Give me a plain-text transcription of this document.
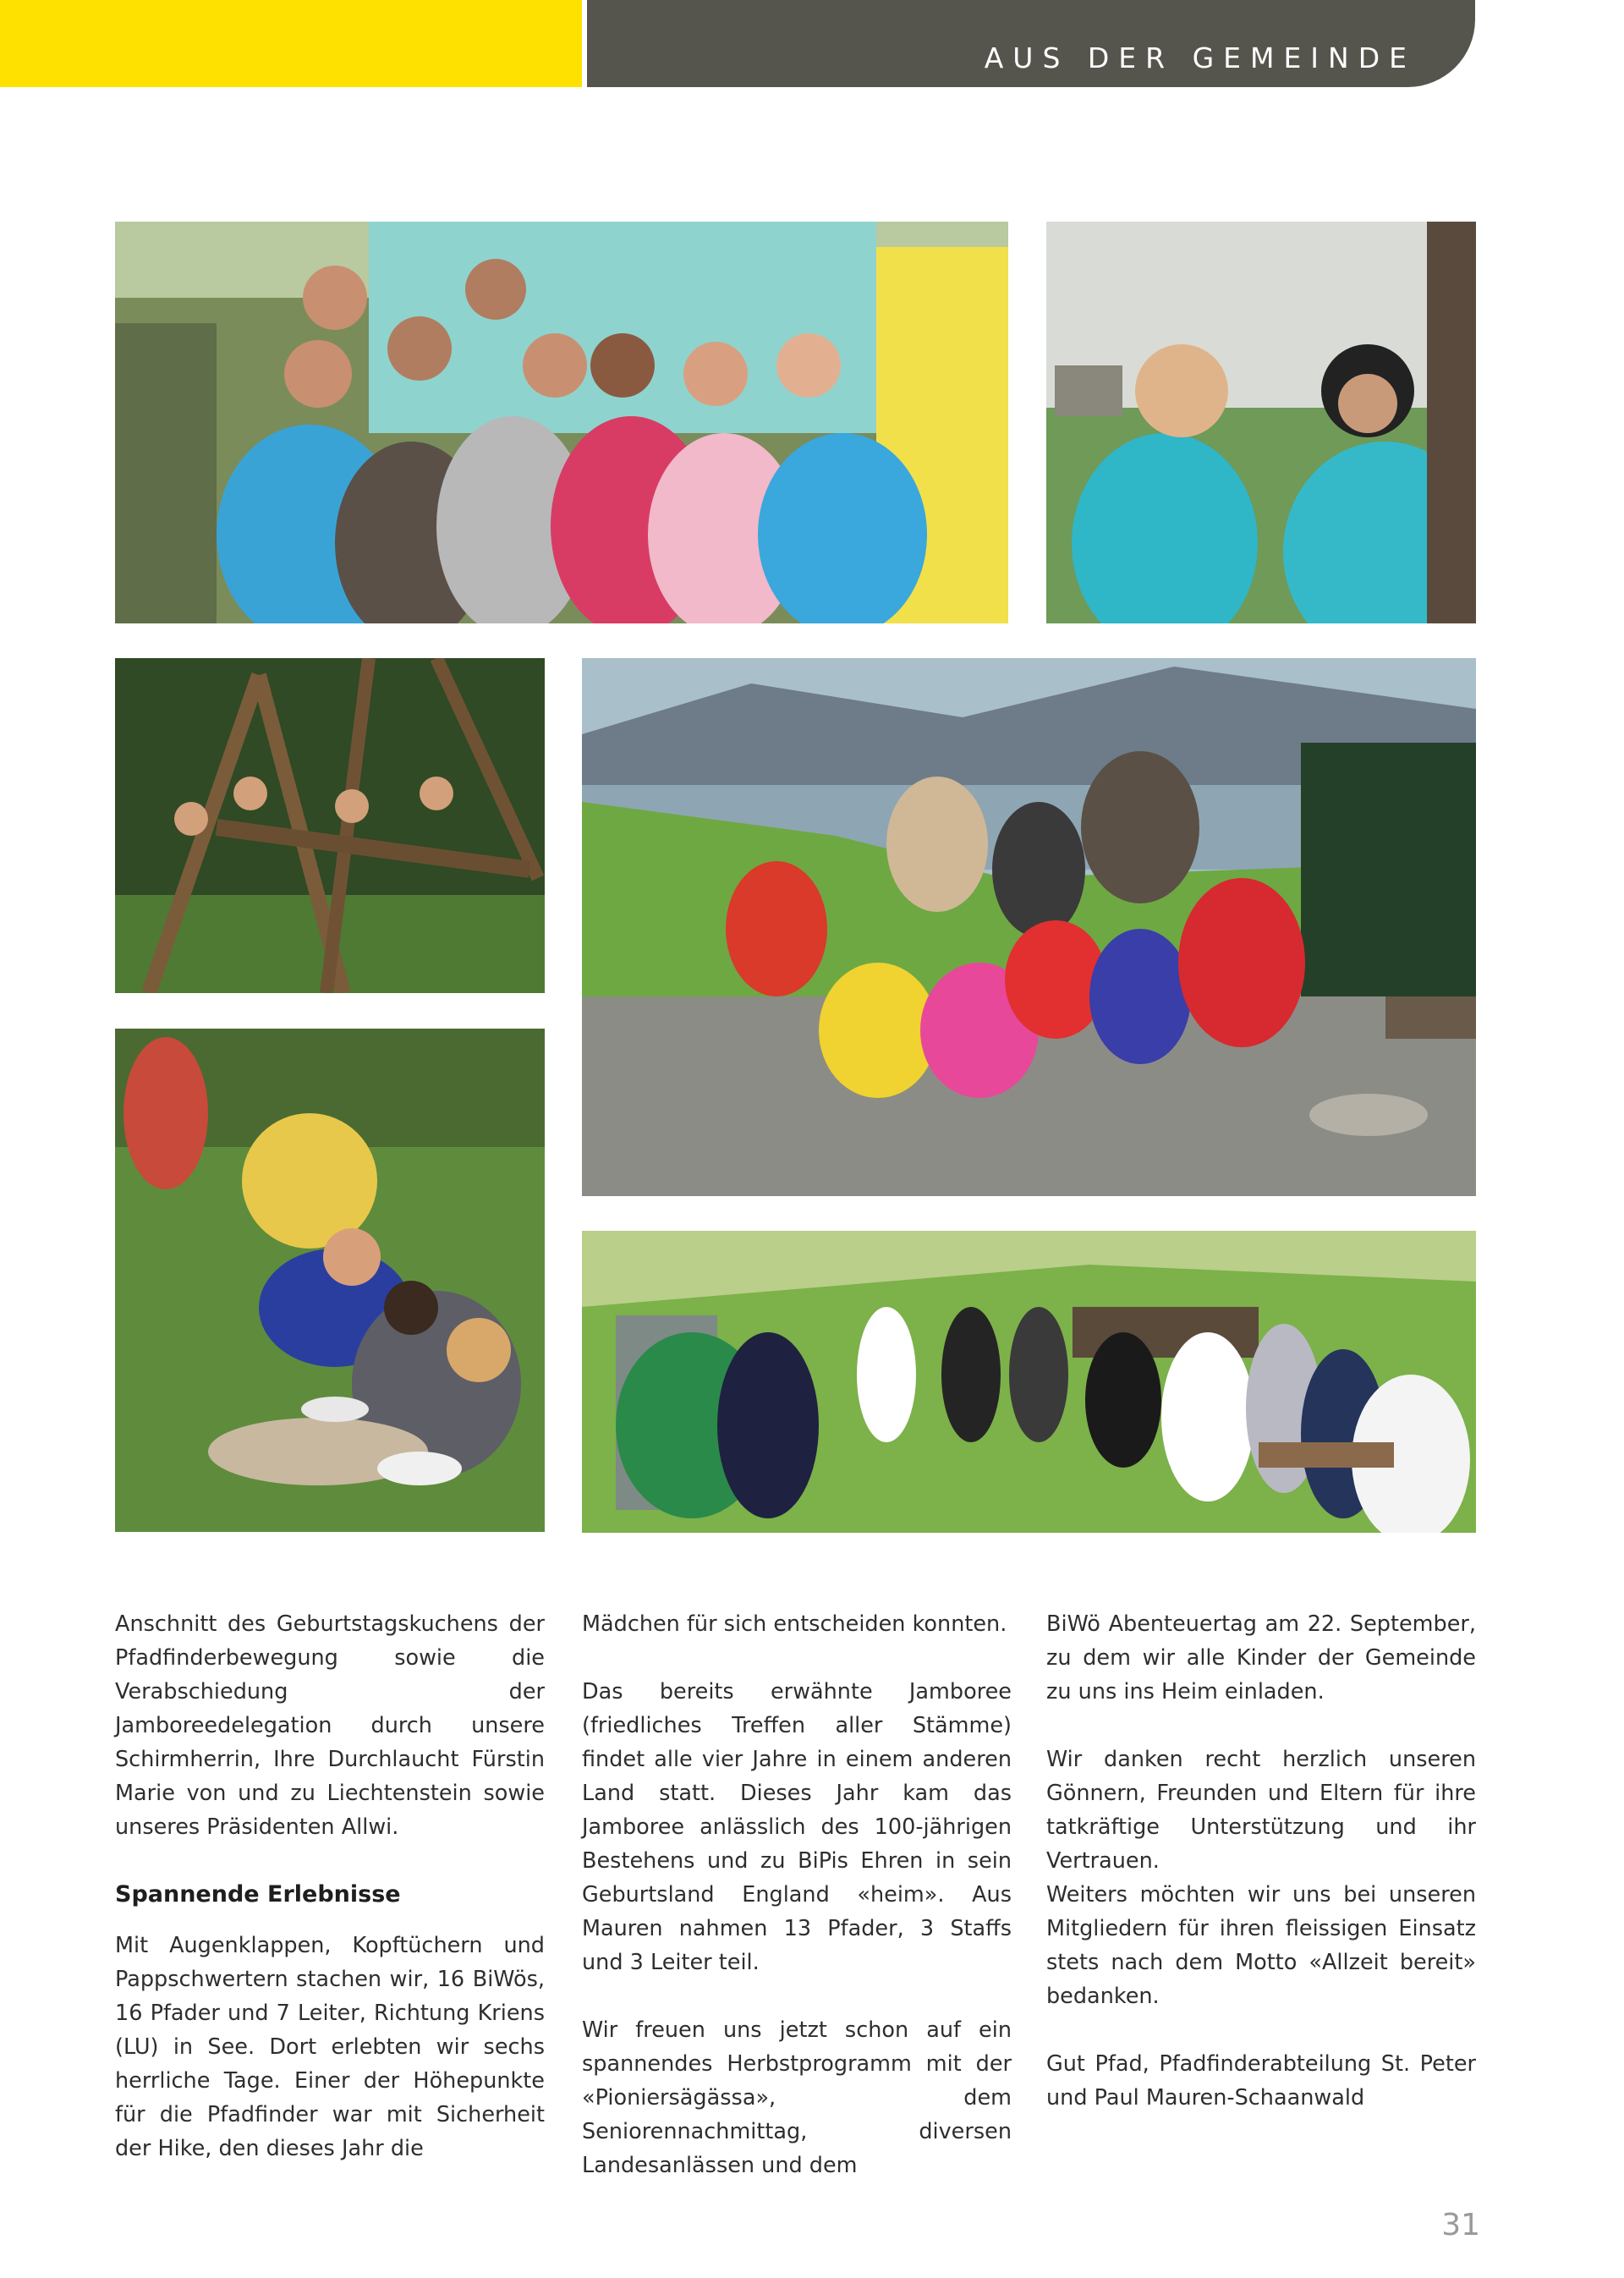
AUS DER GEMEINDE

Anschnitt des Geburtstagskuchens der Pfadfinderbewegung sowie die Verabschiedung der Jamboreedelegation durch unsere Schirmherrin, Ihre Durchlaucht Fürstin Marie von und zu Liechtenstein sowie unseres Präsidenten Allwi.

Spannende Erlebnisse

Mit Augenklappen, Kopftüchern und Pappschwertern stachen wir, 16 BiWös, 16 Pfader und 7 Leiter, Richtung Kriens (LU) in See. Dort erlebten wir sechs herrliche Tage. Einer der Höhepunkte für die Pfadfinder war mit Sicherheit der Hike, den dieses Jahr die

Mädchen für sich entscheiden konnten.

Das bereits erwähnte Jamboree (friedliches Treffen aller Stämme) findet alle vier Jahre in einem anderen Land statt. Dieses Jahr kam das Jamboree anlässlich des 100-jährigen Bestehens und zu BiPis Ehren in sein Geburtsland England «heim». Aus Mauren nahmen 13 Pfader, 3 Staffs und 3 Leiter teil.

Wir freuen uns jetzt schon auf ein spannendes Herbstprogramm mit der «Pioniersägässa», dem Seniorennachmittag, diversen Landesanlässen und dem

BiWö Abenteuertag am 22. September, zu dem wir alle Kinder der Gemeinde zu uns ins Heim einladen.

Wir danken recht herzlich unseren Gönnern, Freunden und Eltern für ihre tatkräftige Unterstützung und ihr Vertrauen.

Weiters möchten wir uns bei unseren Mitgliedern für ihren fleissigen Einsatz stets nach dem Motto «Allzeit bereit» bedanken.

Gut Pfad, Pfadfinderabteilung St. Peter und Paul Mauren-Schaanwald

31
